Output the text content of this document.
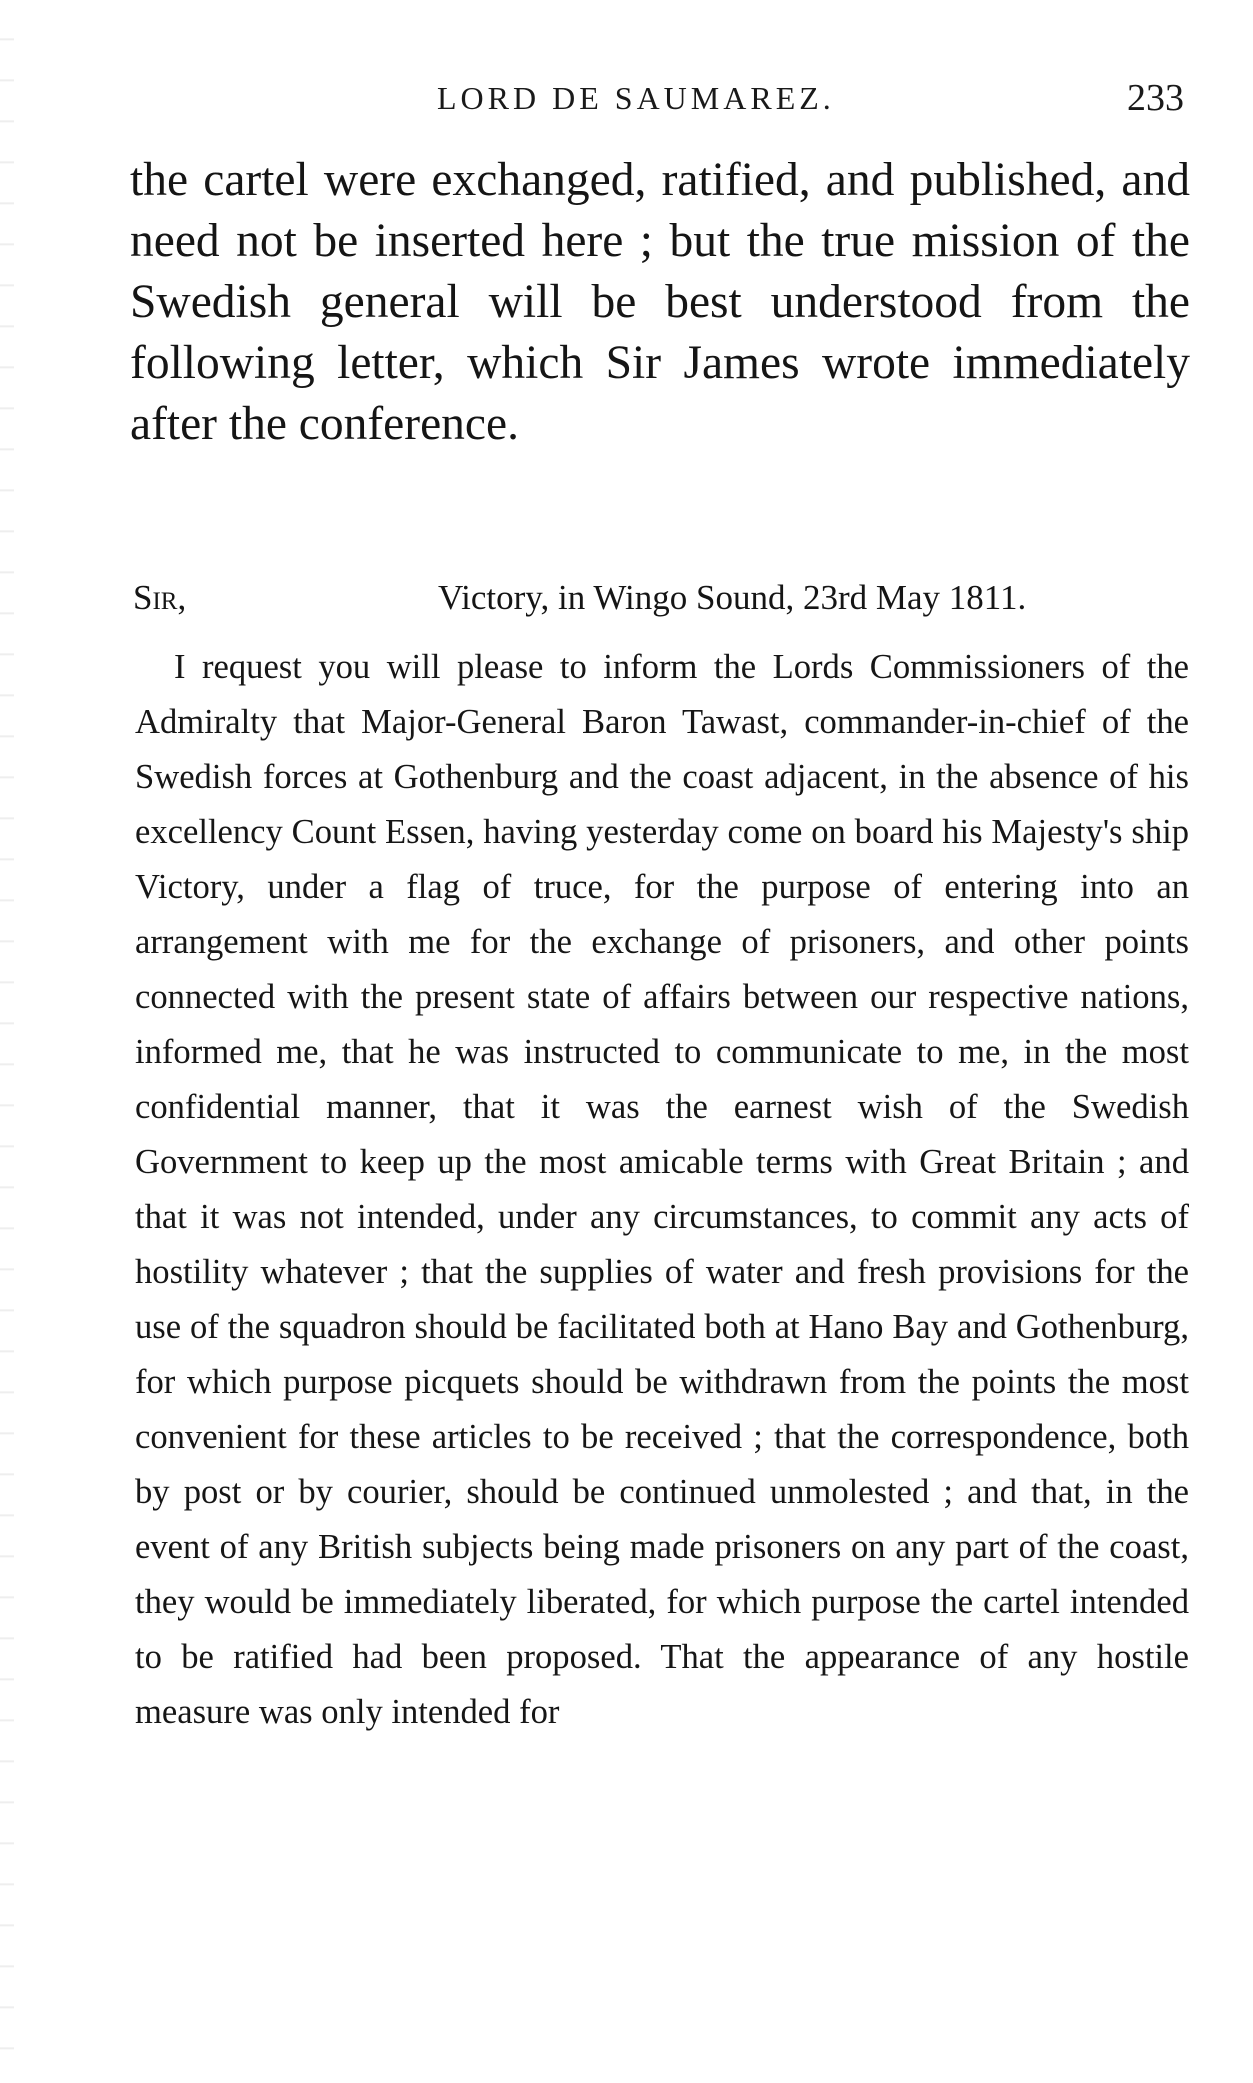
LORD DE SAUMAREZ.	233

the cartel were exchanged, ratified, and published, and need not be inserted here ; but the true mission of the Swedish general will be best understood from the following letter, which Sir James wrote immediately after the conference.

Sir,	Victory, in Wingo Sound, 23rd May 1811.

I request you will please to inform the Lords Commissioners of the Admiralty that Major-General Baron Tawast, commander-in-chief of the Swedish forces at Gothenburg and the coast adjacent, in the absence of his excellency Count Essen, having yesterday come on board his Majesty's ship Victory, under a flag of truce, for the purpose of entering into an arrangement with me for the exchange of prisoners, and other points connected with the present state of affairs between our respective nations, informed me, that he was instructed to communicate to me, in the most confidential manner, that it was the earnest wish of the Swedish Government to keep up the most amicable terms with Great Britain ; and that it was not intended, under any circumstances, to commit any acts of hostility whatever ; that the supplies of water and fresh provisions for the use of the squadron should be facilitated both at Hano Bay and Gothenburg, for which purpose picquets should be withdrawn from the points the most convenient for these articles to be received ; that the correspondence, both by post or by courier, should be continued unmolested ; and that, in the event of any British subjects being made prisoners on any part of the coast, they would be immediately liberated, for which purpose the cartel intended to be ratified had been proposed. That the appearance of any hostile measure was only intended for
